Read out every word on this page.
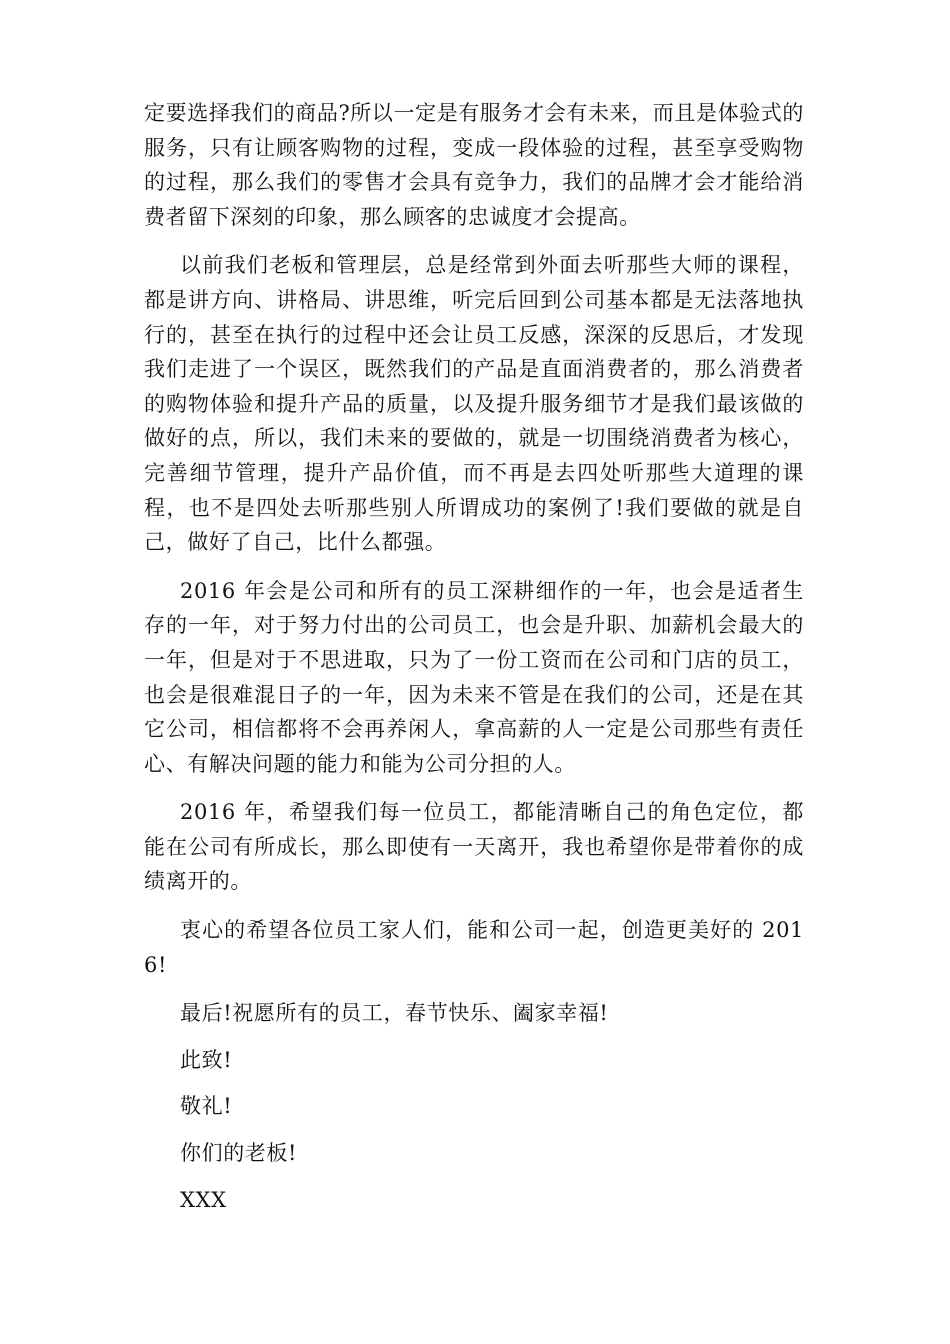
定要选择我们的商品?所以一定是有服务才会有未来，而且是体验式的服务，只有让顾客购物的过程，变成一段体验的过程，甚至享受购物的过程，那么我们的零售才会具有竞争力，我们的品牌才会才能给消费者留下深刻的印象，那么顾客的忠诚度才会提高。

以前我们老板和管理层，总是经常到外面去听那些大师的课程，都是讲方向、讲格局、讲思维，听完后回到公司基本都是无法落地执行的，甚至在执行的过程中还会让员工反感，深深的反思后，才发现我们走进了一个误区，既然我们的产品是直面消费者的，那么消费者的购物体验和提升产品的质量，以及提升服务细节才是我们最该做的做好的点，所以，我们未来的要做的，就是一切围绕消费者为核心，完善细节管理，提升产品价值，而不再是去四处听那些大道理的课程，也不是四处去听那些别人所谓成功的案例了!我们要做的就是自己，做好了自己，比什么都强。

2016 年会是公司和所有的员工深耕细作的一年，也会是适者生存的一年，对于努力付出的公司员工，也会是升职、加薪机会最大的一年，但是对于不思进取，只为了一份工资而在公司和门店的员工，也会是很难混日子的一年，因为未来不管是在我们的公司，还是在其它公司，相信都将不会再养闲人，拿高薪的人一定是公司那些有责任心、有解决问题的能力和能为公司分担的人。

2016 年，希望我们每一位员工，都能清晰自己的角色定位，都能在公司有所成长，那么即使有一天离开，我也希望你是带着你的成绩离开的。

衷心的希望各位员工家人们，能和公司一起，创造更美好的 2016!

最后!祝愿所有的员工，春节快乐、阖家幸福!

此致!

敬礼!

你们的老板!

XXX
